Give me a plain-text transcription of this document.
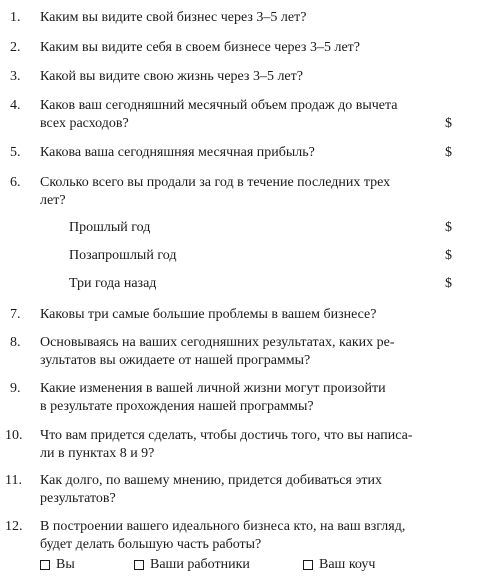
1.	Каким вы видите свой бизнес через 3–5 лет?
2.	Каким вы видите себя в своем бизнесе через 3–5 лет?
3.	Какой вы видите свою жизнь через 3–5 лет?
4.	Каков ваш сегодняшний месячный объем продаж до вычета
всех расходов?	$
5.	Какова ваша сегодняшняя месячная прибыль?	$
6.	Сколько всего вы продали за год в течение последних трех
лет?
Прошлый год	$
Позапрошлый год	$
Три года назад	$
7.	Каковы три самые большие проблемы в вашем бизнесе?
8.	Основываясь на ваших сегодняшних результатах, каких ре-
зультатов вы ожидаете от нашей программы?
9.	Какие изменения в вашей личной жизни могут произойти
в результате прохождения нашей программы?
10.	Что вам придется сделать, чтобы достичь того, что вы написа-
ли в пунктах 8 и 9?
11.	Как долго, по вашему мнению, придется добиваться этих
результатов?
12.	В построении вашего идеального бизнеса кто, на ваш взгляд,
будет делать большую часть работы?
Вы	Ваши работники	Ваш коуч
